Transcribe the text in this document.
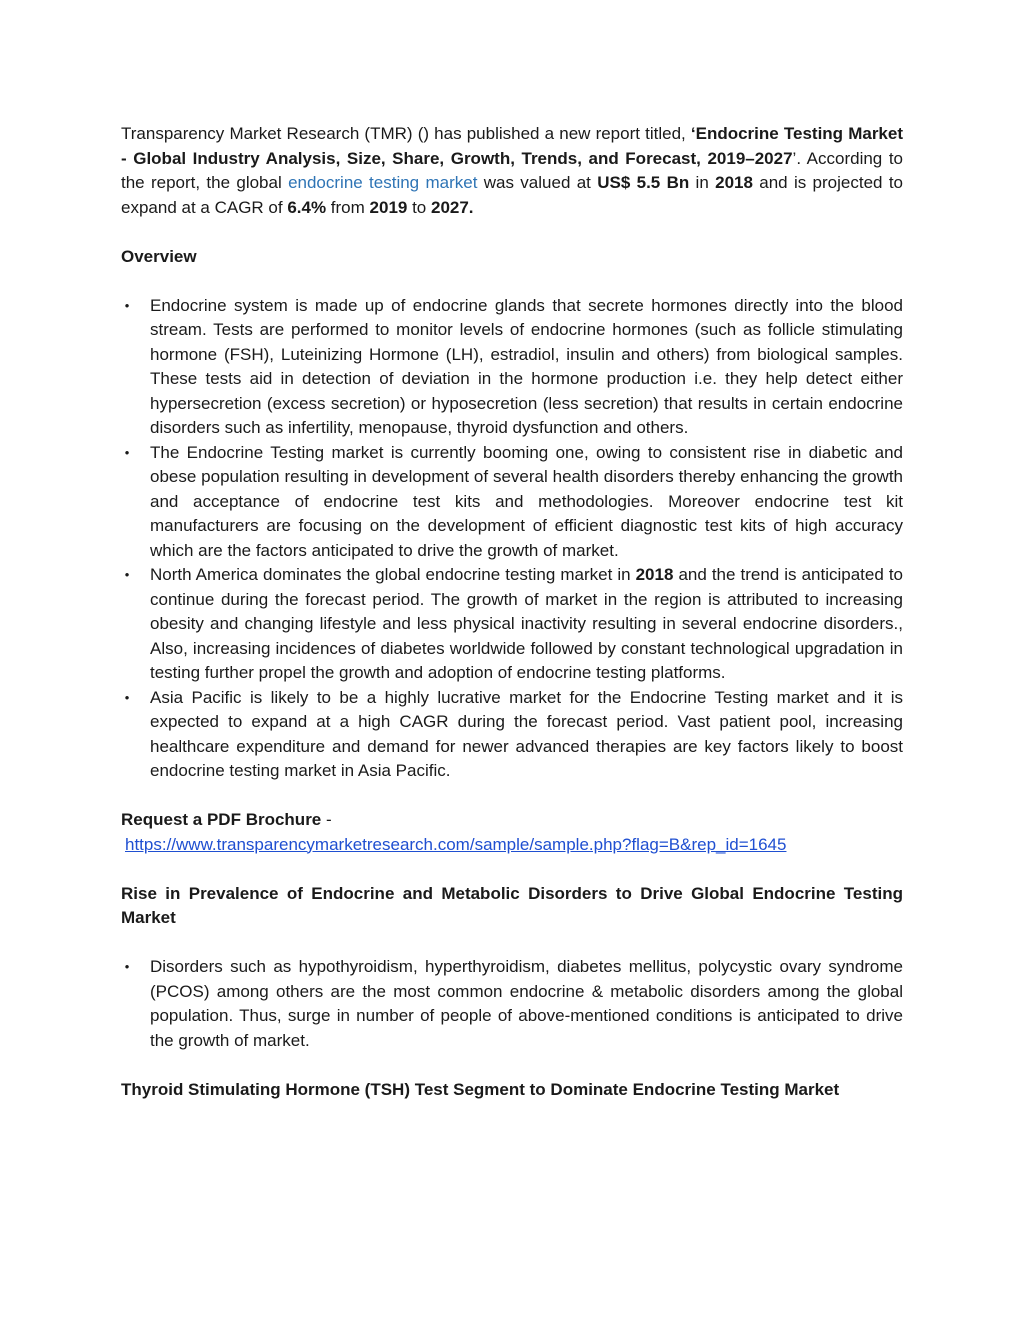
Transparency Market Research (TMR) () has published a new report titled, ‘Endocrine Testing Market - Global Industry Analysis, Size, Share, Growth, Trends, and Forecast, 2019–2027’. According to the report, the global endocrine testing market was valued at US$ 5.5 Bn in 2018 and is projected to expand at a CAGR of 6.4% from 2019 to 2027.

Overview

• Endocrine system is made up of endocrine glands that secrete hormones directly into the blood stream. Tests are performed to monitor levels of endocrine hormones (such as follicle stimulating hormone (FSH), Luteinizing Hormone (LH), estradiol, insulin and others) from biological samples. These tests aid in detection of deviation in the hormone production i.e. they help detect either hypersecretion (excess secretion) or hyposecretion (less secretion) that results in certain endocrine disorders such as infertility, menopause, thyroid dysfunction and others.
• The Endocrine Testing market is currently booming one, owing to consistent rise in diabetic and obese population resulting in development of several health disorders thereby enhancing the growth and acceptance of endocrine test kits and methodologies. Moreover endocrine test kit manufacturers are focusing on the development of efficient diagnostic test kits of high accuracy which are the factors anticipated to drive the growth of market.
• North America dominates the global endocrine testing market in 2018 and the trend is anticipated to continue during the forecast period. The growth of market in the region is attributed to increasing obesity and changing lifestyle and less physical inactivity resulting in several endocrine disorders., Also, increasing incidences of diabetes worldwide followed by constant technological upgradation in testing further propel the growth and adoption of endocrine testing platforms.
• Asia Pacific is likely to be a highly lucrative market for the Endocrine Testing market and it is expected to expand at a high CAGR during the forecast period. Vast patient pool, increasing healthcare expenditure and demand for newer advanced therapies are key factors likely to boost endocrine testing market in Asia Pacific.

Request a PDF Brochure -

https://www.transparencymarketresearch.com/sample/sample.php?flag=B&rep_id=1645

Rise in Prevalence of Endocrine and Metabolic Disorders to Drive Global Endocrine Testing Market

• Disorders such as hypothyroidism, hyperthyroidism, diabetes mellitus, polycystic ovary syndrome (PCOS) among others are the most common endocrine & metabolic disorders among the global population. Thus, surge in number of people of above-mentioned conditions is anticipated to drive the growth of market.

Thyroid Stimulating Hormone (TSH) Test Segment to Dominate Endocrine Testing Market
